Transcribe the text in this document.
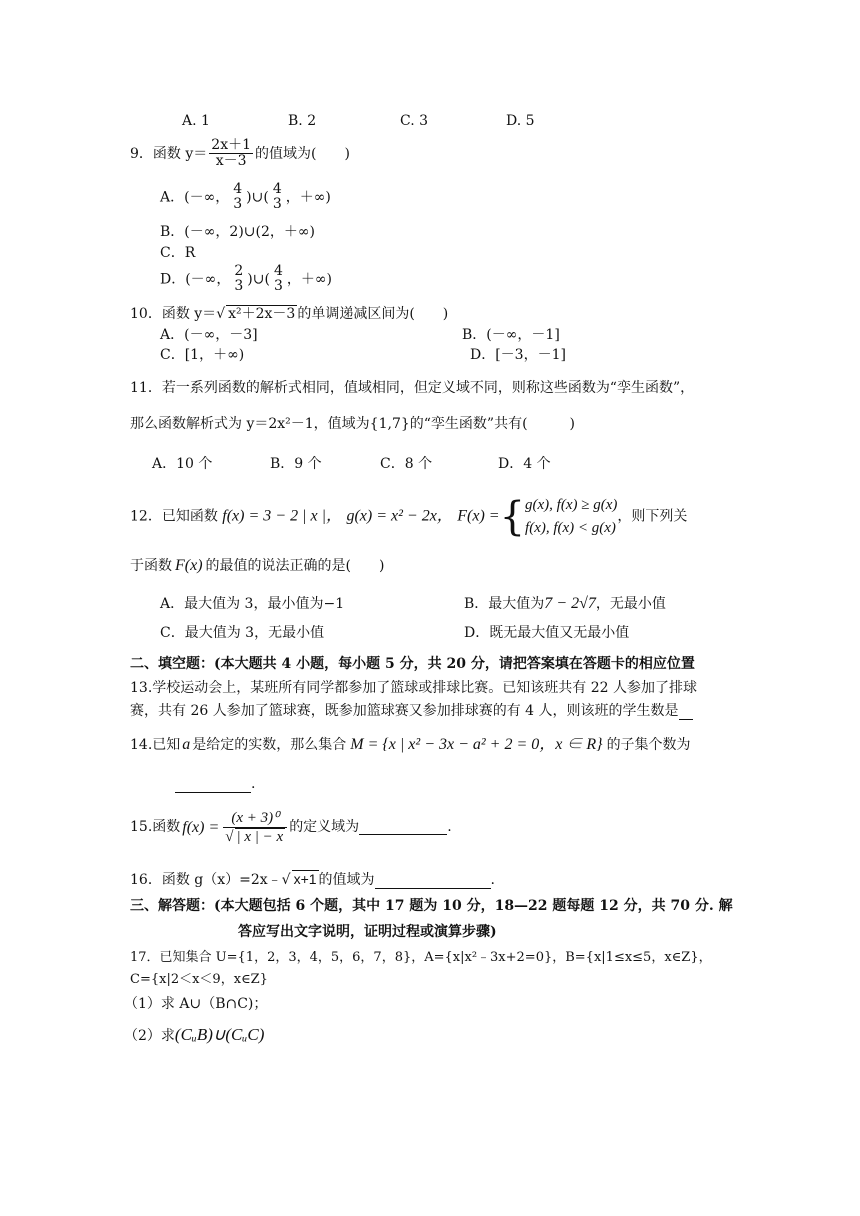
A. 1	B. 2	C. 3	D. 5
9．函数 $y= \frac{2x+1}{x-3}$ 的值域为(　　)
A．(－∞，
4
3 )∪(
4
3 ，＋∞)
B．(－∞，2)∪(2，＋∞)
C．R
D．(－∞，
2
3 )∪(
4
3 ，＋∞)
10．函数 y＝√ x²＋2x－3 的单调递减区间为(　　)
A．(－∞，－3]	B．(－∞，－1]
C．[1，＋∞)	D．[－3，－1]
11．若一系列函数的解析式相同，值域相同，但定义域不同，则称这些函数为“孪生函数”，
那么函数解析式为 y＝2x²－1，值域为{1,7}的“孪生函数”共有(　　　)
A．10 个	B．9 个	C．8 个	D．4 个
12．已知函数 f(x) = 3 − 2 | x |， g(x) = x² − 2x， F(x) ={ g(x), f(x) ≥ g(x)
f(x), f(x) < g(x)
，则下列关
于函数 F(x) 的最值的说法正确的是(　　)
A．最大值为 3，最小值为−1	B．最大值为7 − 2√7，无最小值
C．最大值为 3，无最小值	D．既无最大值又无最小值
二、填空题：(本大题共 4 小题，每小题 5 分，共 20 分，请把答案填在答题卡的相应位置
13.学校运动会上，某班所有同学都参加了篮球或排球比赛。已知该班共有 22 人参加了排球
赛，共有 26 人参加了篮球赛，既参加篮球赛又参加排球赛的有 4 人，则该班的学生数是
14.已知 a 是给定的实数，那么集合 M = {x | x² − 3x − a² + 2 = 0，x ∈ R} 的子集个数为
.
15.函数 $f(x) = \frac{\text{(x + 3)⁰}}{√ | x | - x}$ 的定义域为	.
16．函数 g（x）=2x﹣√ x+1 的值域为	.
三、解答题：(本大题包括 6 个题，其中 17 题为 10 分，18—22 题每题 12 分，共 70 分. 解
答应写出文字说明，证明过程或演算步骤)
17．已知集合 U={1，2，3，4，5，6，7，8}，A={x|x²﹣3x+2=0}，B={x|1≤x≤5，x∈Z}，
C={x|2＜x＜9，x∈Z}
（1）求 A∪（B∩C)；
（2）求(CᵤB)∪(CᵤC)
